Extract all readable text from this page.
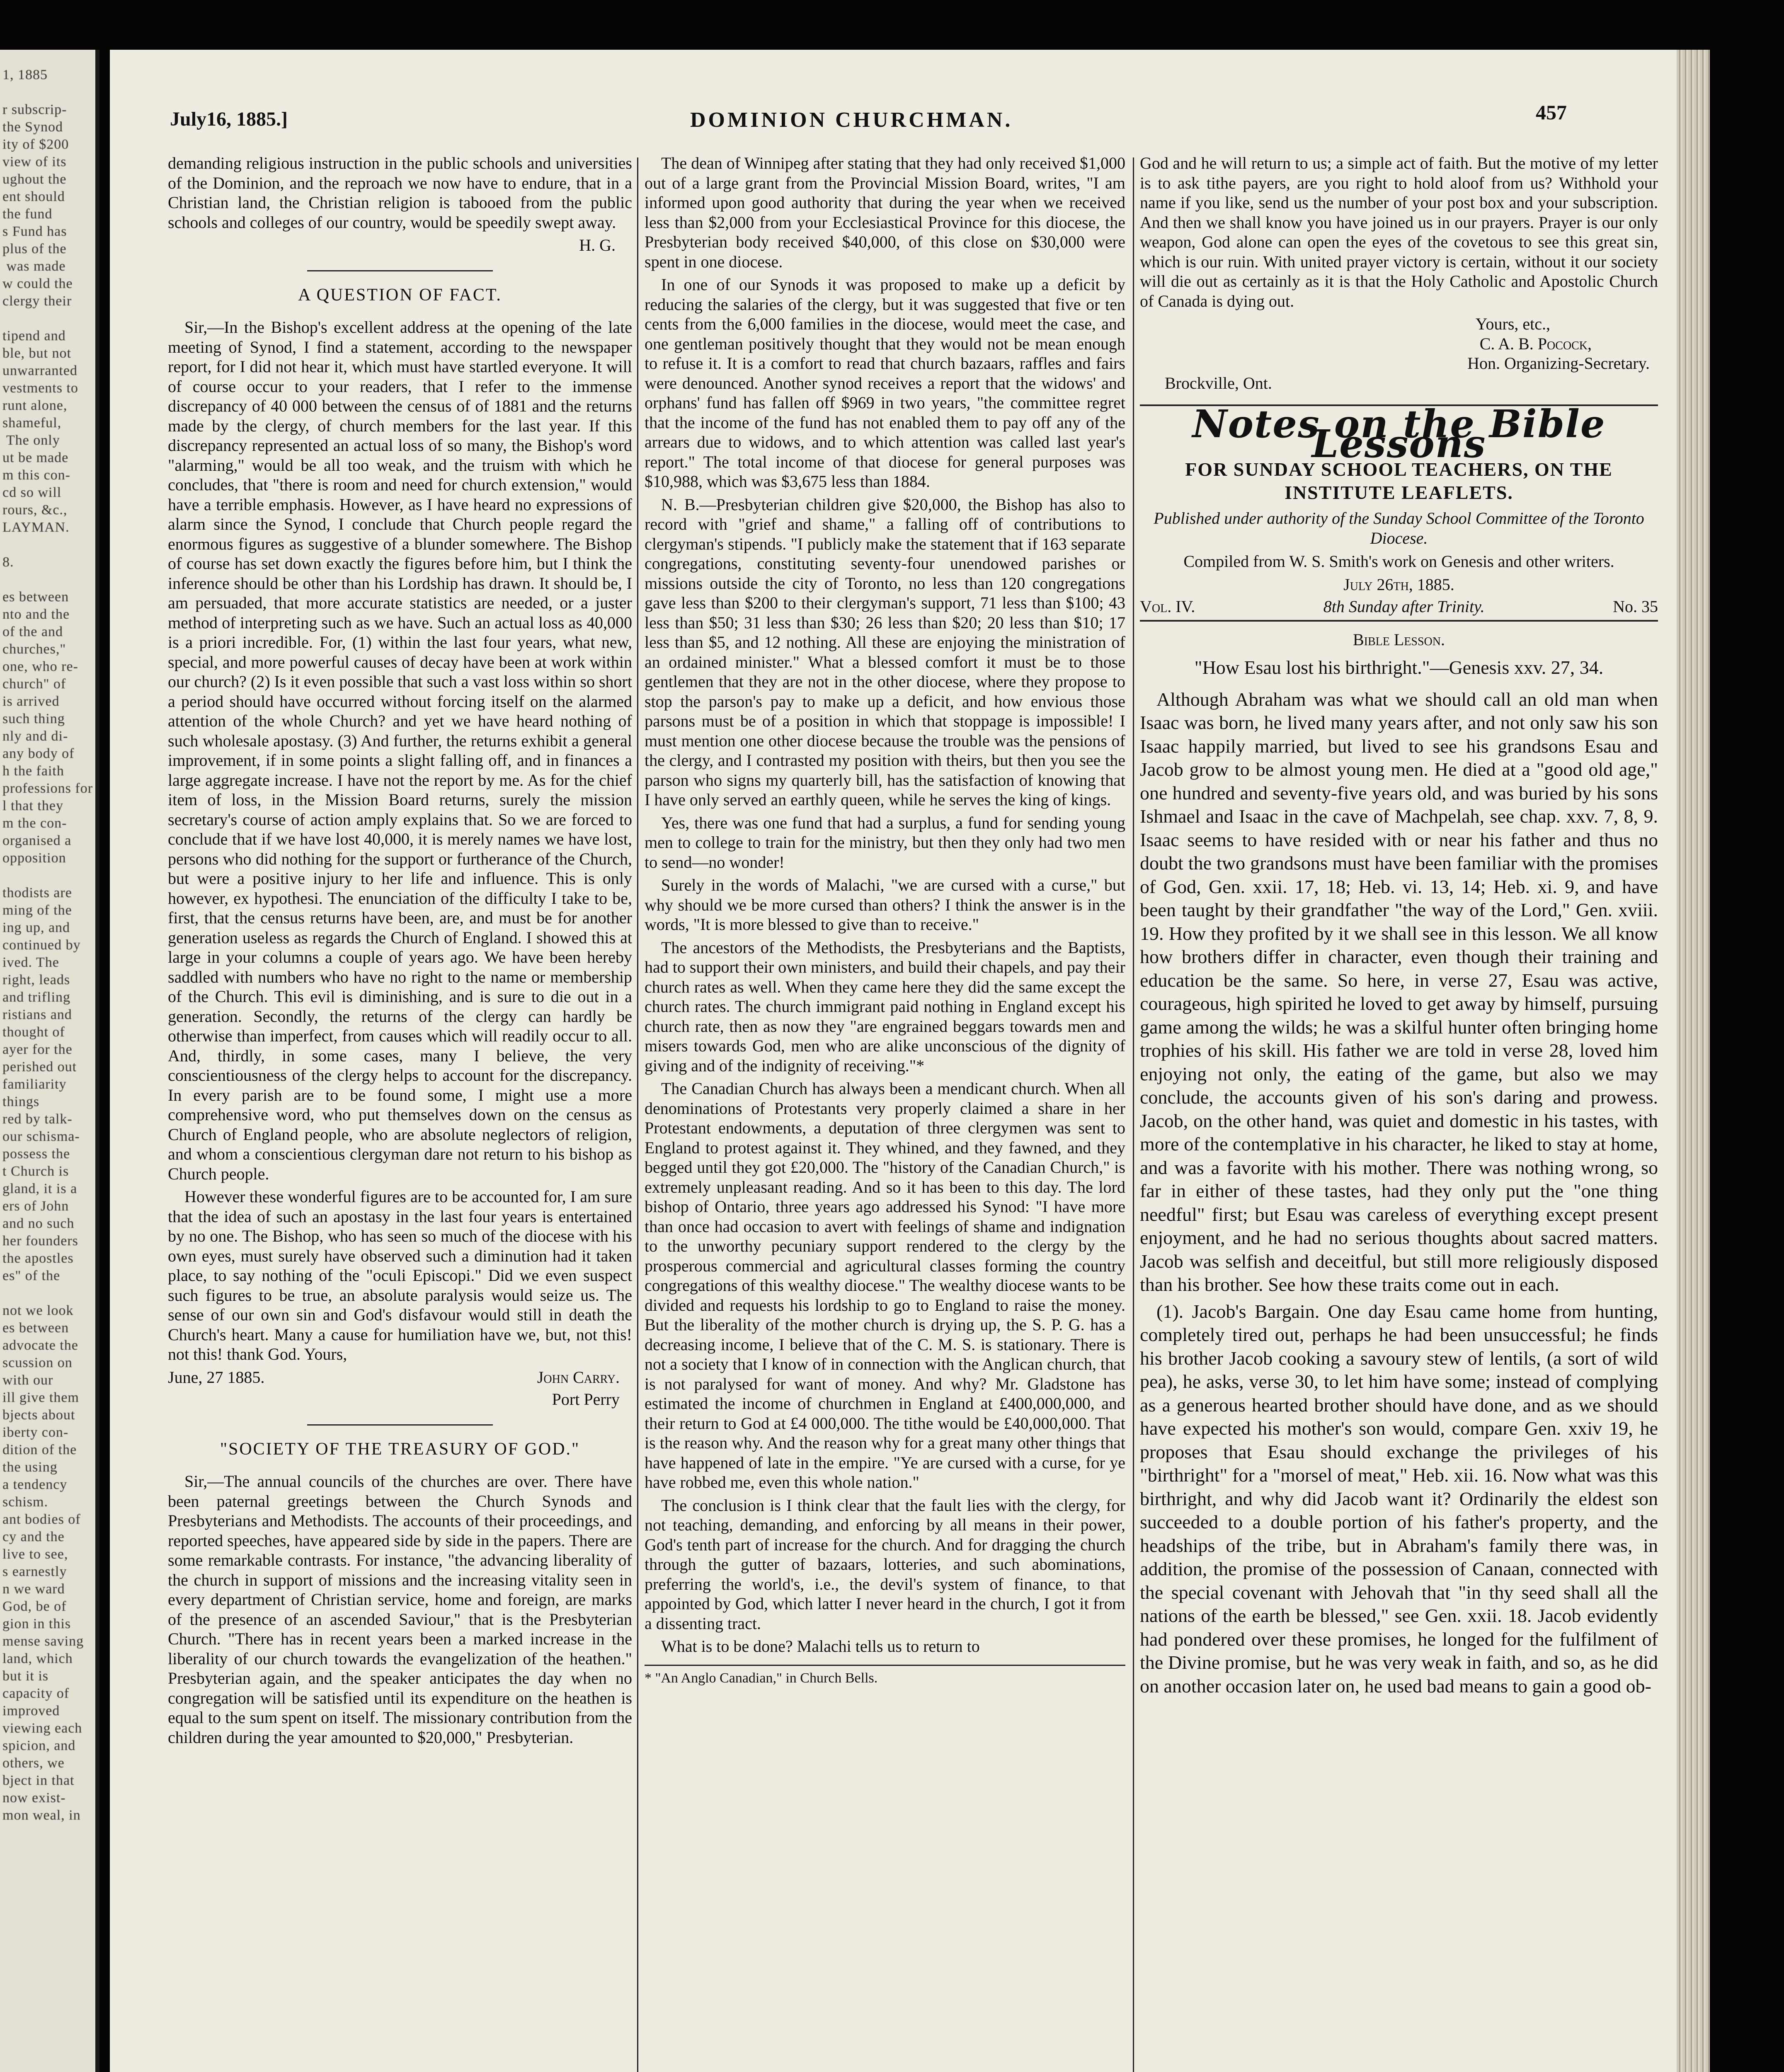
1, 1885

r subscrip-
the Synod
ity of $200
view of its
ughout the
ent should
the fund
s Fund has
plus of the
was made
w could the
clergy their

tipend and
ble, but not
unwarranted
vestments to
runt alone,
shameful,
The only
ut be made
m this con-
cd so will
rours, &c.,
LAYMAN.

8.

es between
nto and the
of the and
churches,"
one, who re-
church" of
is arrived
such thing
nly and di-
any body of
h the faith
professions for
l that they
m the con-
organised a
opposition

thodists are
ming of the
ing up, and
continued by
ived. The
right, leads
and trifling
ristians and
thought of
ayer for the
perished out
familiarity
things
red by talk-
our schisma-
possess the
t Church is
gland, it is a
ers of John
and no such
her founders
the apostles
es" of the

not we look
es between
advocate the
scussion on
with our
ill give them
bjects about
iberty con-
dition of the
the using
a tendency
schism.
ant bodies of
cy and the
live to see,
s earnestly
n we ward
God, be of
gion in this
mense saving
land, which
but it is
capacity of
improved
viewing each
spicion, and
others, we
bject in that
now exist-
mon weal, in
July16, 1885.]	DOMINION CHURCHMAN.	457

demanding religious instruction in the public schools and universities of the Dominion, and the reproach we now have to endure, that in a Christian land, the Christian religion is tabooed from the public schools and colleges of our country, would be speedily swept away.

H. G.
A QUESTION OF FACT.

Sir,—In the Bishop's excellent address at the opening of the late meeting of Synod, I find a statement, according to the newspaper report, for I did not hear it, which must have startled everyone. It will of course occur to your readers, that I refer to the immense discrepancy of 40 000 between the census of of 1881 and the returns made by the clergy, of church members for the last year. If this discrepancy represented an actual loss of so many, the Bishop's word "alarming," would be all too weak, and the truism with which he concludes, that "there is room and need for church extension," would have a terrible emphasis. However, as I have heard no expressions of alarm since the Synod, I conclude that Church people regard the enormous figures as suggestive of a blunder somewhere. The Bishop of course has set down exactly the figures before him, but I think the inference should be other than his Lordship has drawn. It should be, I am persuaded, that more accurate statistics are needed, or a juster method of interpreting such as we have. Such an actual loss as 40,000 is a priori incredible. For, (1) within the last four years, what new, special, and more powerful causes of decay have been at work within our church? (2) Is it even possible that such a vast loss within so short a period should have occurred without forcing itself on the alarmed attention of the whole Church? and yet we have heard nothing of such wholesale apostasy. (3) And further, the returns exhibit a general improvement, if in some points a slight falling off, and in finances a large aggregate increase. I have not the report by me. As for the chief item of loss, in the Mission Board returns, surely the mission secretary's course of action amply explains that. So we are forced to conclude that if we have lost 40,000, it is merely names we have lost, persons who did nothing for the support or furtherance of the Church, but were a positive injury to her life and influence. This is only however, ex hypothesi. The enunciation of the difficulty I take to be, first, that the census returns have been, are, and must be for another generation useless as regards the Church of England. I showed this at large in your columns a couple of years ago. We have been hereby saddled with numbers who have no right to the name or membership of the Church. This evil is diminishing, and is sure to die out in a generation. Secondly, the returns of the clergy can hardly be otherwise than imperfect, from causes which will readily occur to all. And, thirdly, in some cases, many I believe, the very conscientiousness of the clergy helps to account for the discrepancy. In every parish are to be found some, I might use a more comprehensive word, who put themselves down on the census as Church of England people, who are absolute neglectors of religion, and whom a conscientious clergyman dare not return to his bishop as Church people.

However these wonderful figures are to be accounted for, I am sure that the idea of such an apostasy in the last four years is entertained by no one. The Bishop, who has seen so much of the diocese with his own eyes, must surely have observed such a diminution had it taken place, to say nothing of the "oculi Episcopi." Did we even suspect such figures to be true, an absolute paralysis would seize us. The sense of our own sin and God's disfavour would still in death the Church's heart. Many a cause for humiliation have we, but, not this! not this! thank God. Yours,

June, 27 1885.	John Carry.
Port Perry
"SOCIETY OF THE TREASURY OF GOD."

Sir,—The annual councils of the churches are over. There have been paternal greetings between the Church Synods and Presbyterians and Methodists. The accounts of their proceedings, and reported speeches, have appeared side by side in the papers. There are some remarkable contrasts. For instance, "the advancing liberality of the church in support of missions and the increasing vitality seen in every department of Christian service, home and foreign, are marks of the presence of an ascended Saviour," that is the Presbyterian Church. "There has in recent years been a marked increase in the liberality of our church towards the evangelization of the heathen." Presbyterian again, and the speaker anticipates the day when no congregation will be satisfied until its expenditure on the heathen is equal to the sum spent on itself. The missionary contribution from the children during the year amounted to $20,000," Presbyterian.

The dean of Winnipeg after stating that they had only received $1,000 out of a large grant from the Provincial Mission Board, writes, "I am informed upon good authority that during the year when we received less than $2,000 from your Ecclesiastical Province for this diocese, the Presbyterian body received $40,000, of this close on $30,000 were spent in one diocese.

In one of our Synods it was proposed to make up a deficit by reducing the salaries of the clergy, but it was suggested that five or ten cents from the 6,000 families in the diocese, would meet the case, and one gentleman positively thought that they would not be mean enough to refuse it. It is a comfort to read that church bazaars, raffles and fairs were denounced. Another synod receives a report that the widows' and orphans' fund has fallen off $969 in two years, "the committee regret that the income of the fund has not enabled them to pay off any of the arrears due to widows, and to which attention was called last year's report." The total income of that diocese for general purposes was $10,988, which was $3,675 less than 1884.

N. B.—Presbyterian children give $20,000, the Bishop has also to record with "grief and shame," a falling off of contributions to clergyman's stipends. "I publicly make the statement that if 163 separate congregations, constituting seventy-four unendowed parishes or missions outside the city of Toronto, no less than 120 congregations gave less than $200 to their clergyman's support, 71 less than $100; 43 less than $50; 31 less than $30; 26 less than $20; 20 less than $10; 17 less than $5, and 12 nothing. All these are enjoying the ministration of an ordained minister." What a blessed comfort it must be to those gentlemen that they are not in the other diocese, where they propose to stop the parson's pay to make up a deficit, and how envious those parsons must be of a position in which that stoppage is impossible! I must mention one other diocese because the trouble was the pensions of the clergy, and I contrasted my position with theirs, but then you see the parson who signs my quarterly bill, has the satisfaction of knowing that I have only served an earthly queen, while he serves the king of kings.

Yes, there was one fund that had a surplus, a fund for sending young men to college to train for the ministry, but then they only had two men to send—no wonder!

Surely in the words of Malachi, "we are cursed with a curse," but why should we be more cursed than others? I think the answer is in the words, "It is more blessed to give than to receive."

The ancestors of the Methodists, the Presbyterians and the Baptists, had to support their own ministers, and build their chapels, and pay their church rates as well. When they came here they did the same except the church rates. The church immigrant paid nothing in England except his church rate, then as now they "are engrained beggars towards men and misers towards God, men who are alike unconscious of the dignity of giving and of the indignity of receiving."*

The Canadian Church has always been a mendicant church. When all denominations of Protestants very properly claimed a share in her Protestant endowments, a deputation of three clergymen was sent to England to protest against it. They whined, and they fawned, and they begged until they got £20,000. The "history of the Canadian Church," is extremely unpleasant reading. And so it has been to this day. The lord bishop of Ontario, three years ago addressed his Synod: "I have more than once had occasion to avert with feelings of shame and indignation to the unworthy pecuniary support rendered to the clergy by the prosperous commercial and agricultural classes forming the country congregations of this wealthy diocese." The wealthy diocese wants to be divided and requests his lordship to go to England to raise the money. But the liberality of the mother church is drying up, the S. P. G. has a decreasing income, I believe that of the C. M. S. is stationary. There is not a society that I know of in connection with the Anglican church, that is not paralysed for want of money. And why? Mr. Gladstone has estimated the income of churchmen in England at £400,000,000, and their return to God at £4 000,000. The tithe would be £40,000,000. That is the reason why. And the reason why for a great many other things that have happened of late in the empire. "Ye are cursed with a curse, for ye have robbed me, even this whole nation."

The conclusion is I think clear that the fault lies with the clergy, for not teaching, demanding, and enforcing by all means in their power, God's tenth part of increase for the church. And for dragging the church through the gutter of bazaars, lotteries, and such abominations, preferring the world's, i.e., the devil's system of finance, to that appointed by God, which latter I never heard in the church, I got it from a dissenting tract.

What is to be done? Malachi tells us to return to

* "An Anglo Canadian," in Church Bells.

God and he will return to us; a simple act of faith. But the motive of my letter is to ask tithe payers, are you right to hold aloof from us? Withhold your name if you like, send us the number of your post box and your subscription. And then we shall know you have joined us in our prayers. Prayer is our only weapon, God alone can open the eyes of the covetous to see this great sin, which is our ruin. With united prayer victory is certain, without it our society will die out as certainly as it is that the Holy Catholic and Apostolic Church of Canada is dying out.

Yours, etc.,
C. A. B. Pocock,
Hon. Organizing-Secretary.
Brockville, Ont.
Notes on the Bible Lessons
FOR SUNDAY SCHOOL TEACHERS, ON THE INSTITUTE LEAFLETS.
Published under authority of the Sunday School Committee of the Toronto Diocese.
Compiled from W. S. Smith's work on Genesis and other writers.
July 26th, 1885.
Vol. IV.	8th Sunday after Trinity.	No. 35
Bible Lesson.
"How Esau lost his birthright."—Genesis xxv. 27, 34.

Although Abraham was what we should call an old man when Isaac was born, he lived many years after, and not only saw his son Isaac happily married, but lived to see his grandsons Esau and Jacob grow to be almost young men. He died at a "good old age," one hundred and seventy-five years old, and was buried by his sons Ishmael and Isaac in the cave of Machpelah, see chap. xxv. 7, 8, 9. Isaac seems to have resided with or near his father and thus no doubt the two grandsons must have been familiar with the promises of God, Gen. xxii. 17, 18; Heb. vi. 13, 14; Heb. xi. 9, and have been taught by their grandfather "the way of the Lord," Gen. xviii. 19. How they profited by it we shall see in this lesson. We all know how brothers differ in character, even though their training and education be the same. So here, in verse 27, Esau was active, courageous, high spirited he loved to get away by himself, pursuing game among the wilds; he was a skilful hunter often bringing home trophies of his skill. His father we are told in verse 28, loved him enjoying not only, the eating of the game, but also we may conclude, the accounts given of his son's daring and prowess. Jacob, on the other hand, was quiet and domestic in his tastes, with more of the contemplative in his character, he liked to stay at home, and was a favorite with his mother. There was nothing wrong, so far in either of these tastes, had they only put the "one thing needful" first; but Esau was careless of everything except present enjoyment, and he had no serious thoughts about sacred matters. Jacob was selfish and deceitful, but still more religiously disposed than his brother. See how these traits come out in each.

(1). Jacob's Bargain. One day Esau came home from hunting, completely tired out, perhaps he had been unsuccessful; he finds his brother Jacob cooking a savoury stew of lentils, (a sort of wild pea), he asks, verse 30, to let him have some; instead of complying as a generous hearted brother should have done, and as we should have expected his mother's son would, compare Gen. xxiv 19, he proposes that Esau should exchange the privileges of his "birthright" for a "morsel of meat," Heb. xii. 16. Now what was this birthright, and why did Jacob want it? Ordinarily the eldest son succeeded to a double portion of his father's property, and the headships of the tribe, but in Abraham's family there was, in addition, the promise of the possession of Canaan, connected with the special covenant with Jehovah that "in thy seed shall all the nations of the earth be blessed," see Gen. xxii. 18. Jacob evidently had pondered over these promises, he longed for the fulfilment of the Divine promise, but he was very weak in faith, and so, as he did on another occasion later on, he used bad means to gain a good ob-
